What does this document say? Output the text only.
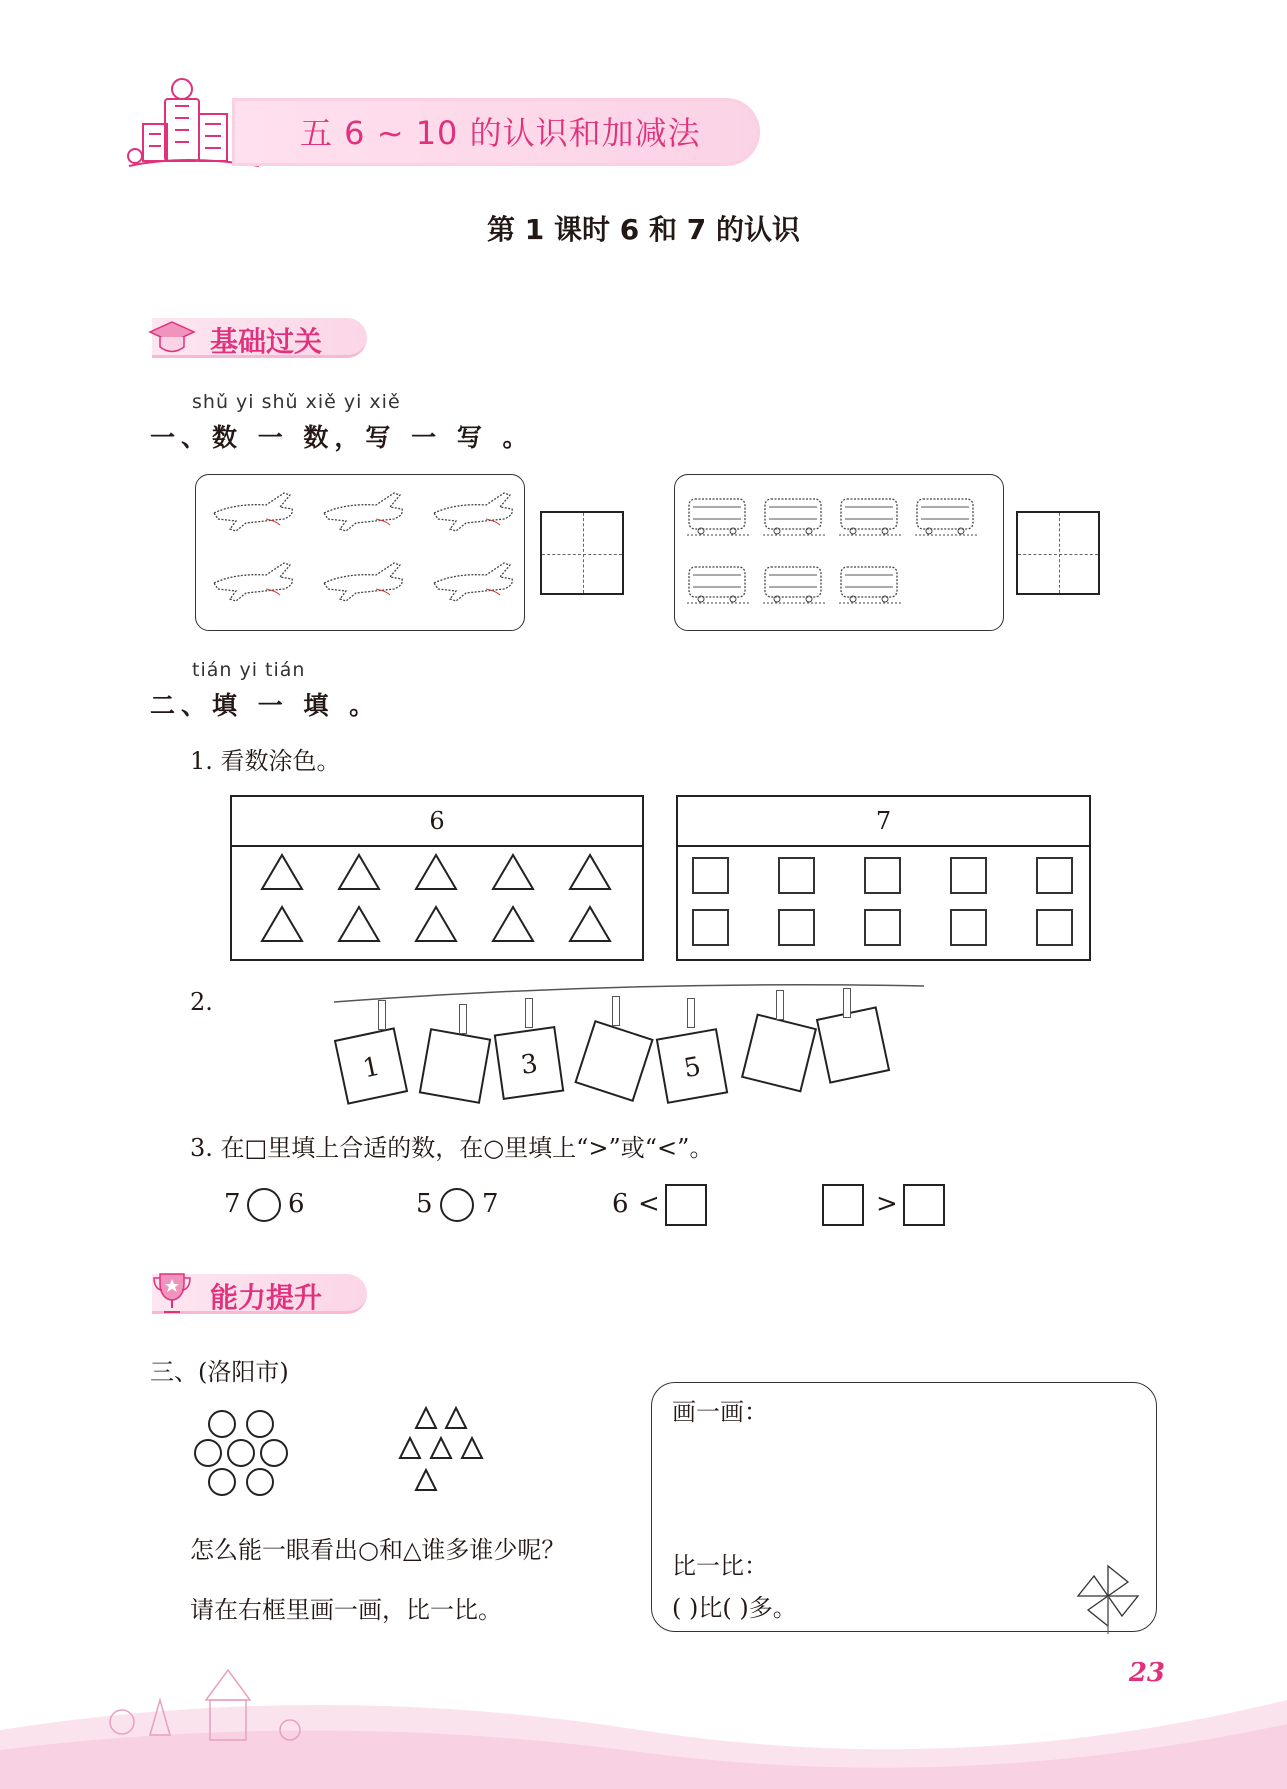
五 6 ~ 10 的认识和加减法
第 1 课时 6 和 7 的认识
基础过关
shǔ yi shǔ xiě yi xiě
一、数 一 数，写 一 写 。
tián yi tián
二、填 一 填 。
1. 看数涂色。
6	7
2.
1	3	5
3. 在□里填上合适的数，在○里填上“>”或“<”。
7 6	5 7	6 <	>
能力提升
三、(洛阳市)
怎么能一眼看出○和△谁多谁少呢？
请在右框里画一画，比一比。
画一画：
比一比：
( )比( )多。
23
